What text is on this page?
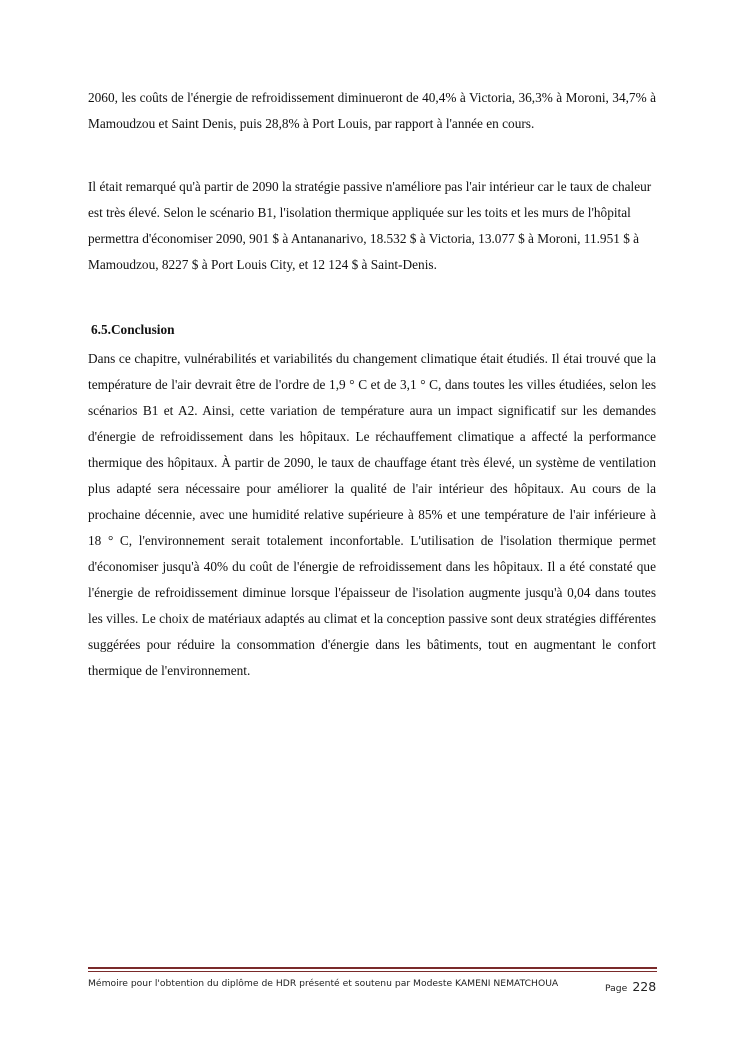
2060, les coûts de l'énergie de refroidissement diminueront de 40,4% à Victoria, 36,3% à Moroni, 34,7% à Mamoudzou et Saint Denis, puis 28,8% à Port Louis, par rapport à l'année en cours.

Il était remarqué qu'à partir de 2090 la stratégie passive n'améliore pas l'air intérieur car le taux de chaleur est très élevé. Selon le scénario B1, l'isolation thermique appliquée sur les toits et les murs de l'hôpital permettra d'économiser 2090, 901 $ à Antananarivo, 18.532 $ à Victoria, 13.077 $ à Moroni, 11.951 $ à Mamoudzou, 8227 $ à Port Louis City, et 12 124 $ à Saint-Denis.

6.5.Conclusion

Dans ce chapitre, vulnérabilités et variabilités du changement climatique était étudiés. Il étai trouvé que la température de l'air devrait être de l'ordre de 1,9 ° C et de 3,1 ° C, dans toutes les villes étudiées, selon les scénarios B1 et A2. Ainsi, cette variation de température aura un impact significatif sur les demandes d'énergie de refroidissement dans les hôpitaux. Le réchauffement climatique a affecté la performance thermique des hôpitaux. À partir de 2090, le taux de chauffage étant très élevé, un système de ventilation plus adapté sera nécessaire pour améliorer la qualité de l'air intérieur des hôpitaux. Au cours de la prochaine décennie, avec une humidité relative supérieure à 85% et une température de l'air inférieure à 18 ° C, l'environnement serait totalement inconfortable. L'utilisation de l'isolation thermique permet d'économiser jusqu'à 40% du coût de l'énergie de refroidissement dans les hôpitaux. Il a été constaté que l'énergie de refroidissement diminue lorsque l'épaisseur de l'isolation augmente jusqu'à 0,04 dans toutes les villes. Le choix de matériaux adaptés au climat et la conception passive sont deux stratégies différentes suggérées pour réduire la consommation d'énergie dans les bâtiments, tout en augmentant le confort thermique de l'environnement.

Mémoire pour l'obtention du diplôme de HDR présenté et soutenu par Modeste KAMENI NEMATCHOUA	Page 228
